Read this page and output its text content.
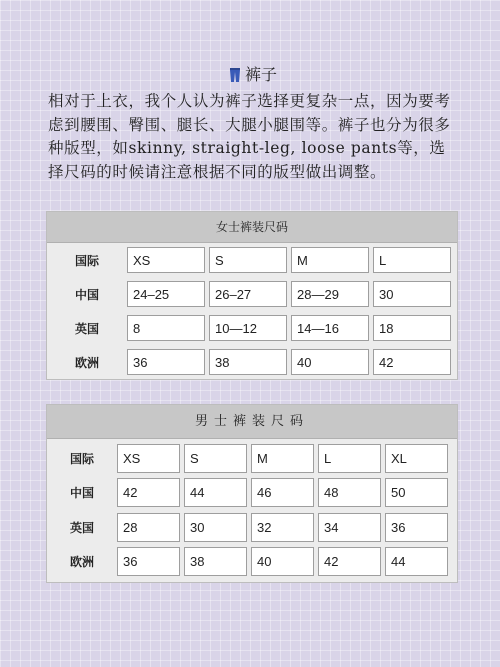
裤子
相对于上衣，我个人认为裤子选择更复杂一点，因为要考虑到腰围、臀围、腿长、大腿小腿围等。裤子也分为很多种版型，如skinny, straight-leg, loose pants等，选择尺码的时候请注意根据不同的版型做出调整。
女士裤装尺码
国际	XS	S	M	L
中国	24–25	26–27	28—29	30
英国	8	10—12	14—16	18
欧洲	36	38	40	42
男士裤装尺码
国际	XS	S	M	L	XL
中国	42	44	46	48	50
英国	28	30	32	34	36
欧洲	36	38	40	42	44
